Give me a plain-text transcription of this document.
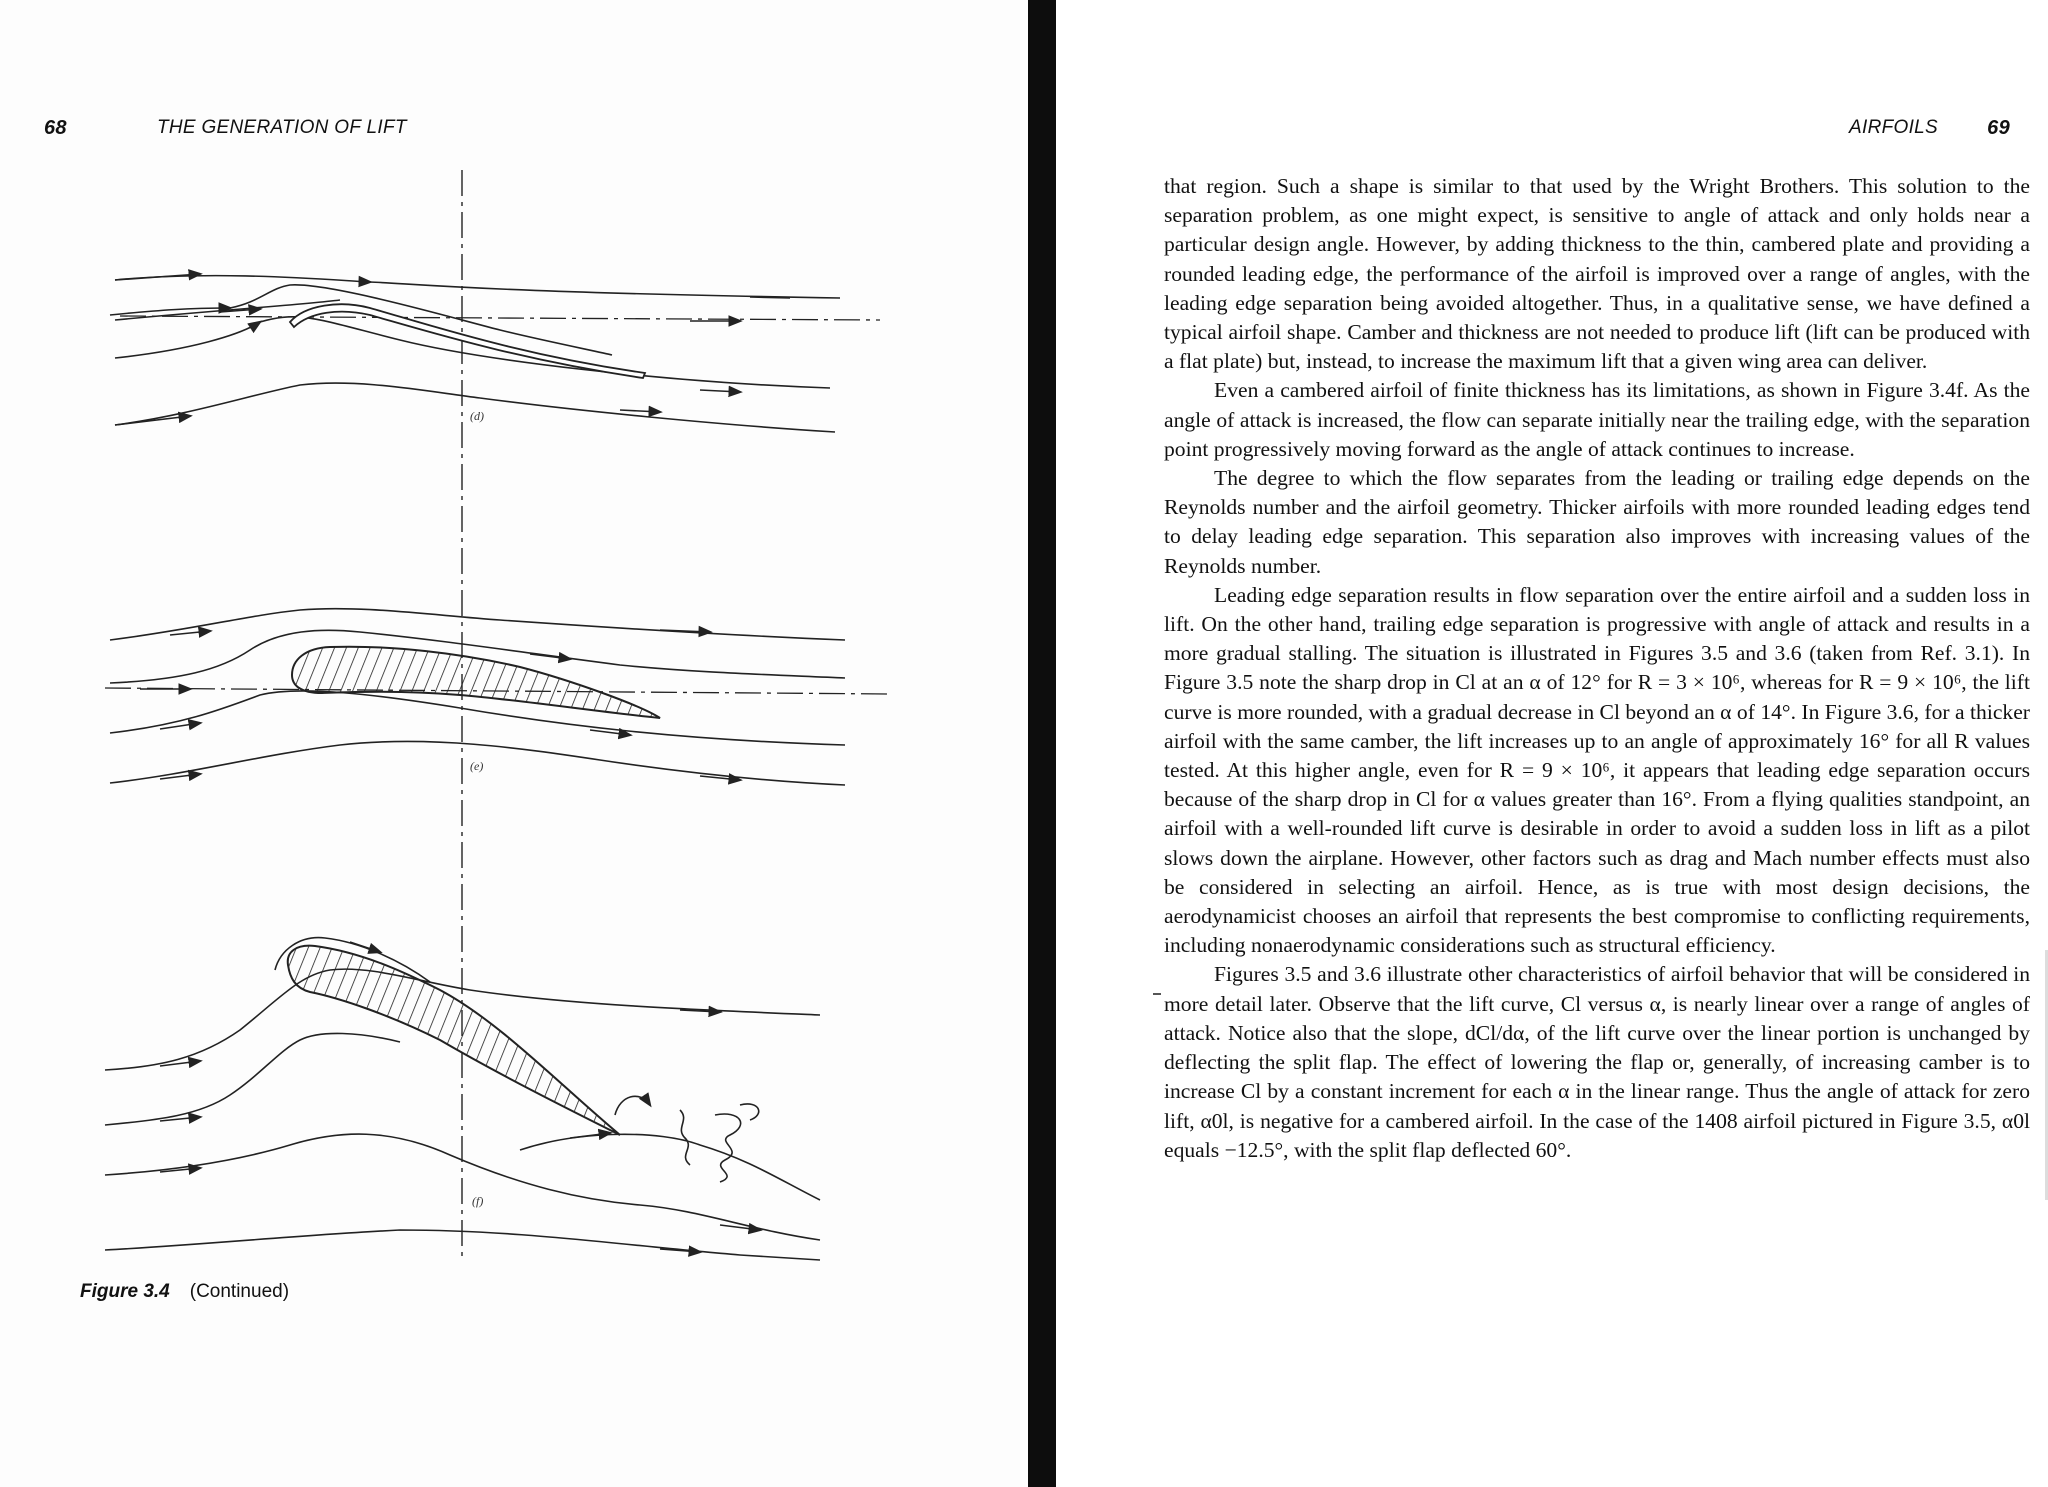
68	THE GENERATION OF LIFT
(d)
(e)
(f)
Figure 3.4 (Continued)
AIRFOILS 69

that region. Such a shape is similar to that used by the Wright Brothers. This solution to the separation problem, as one might expect, is sensitive to angle of attack and only holds near a particular design angle. However, by adding thickness to the thin, cambered plate and providing a rounded leading edge, the performance of the airfoil is improved over a range of angles, with the leading edge separation being avoided altogether. Thus, in a qualitative sense, we have defined a typical airfoil shape. Camber and thickness are not needed to produce lift (lift can be produced with a flat plate) but, instead, to increase the maximum lift that a given wing area can deliver.

Even a cambered airfoil of finite thickness has its limitations, as shown in Figure 3.4f. As the angle of attack is increased, the flow can separate initially near the trailing edge, with the separation point progressively moving forward as the angle of attack continues to increase.

The degree to which the flow separates from the leading or trailing edge depends on the Reynolds number and the airfoil geometry. Thicker airfoils with more rounded leading edges tend to delay leading edge separation. This separation also improves with increasing values of the Reynolds number.

Leading edge separation results in flow separation over the entire airfoil and a sudden loss in lift. On the other hand, trailing edge separation is progressive with angle of attack and results in a more gradual stalling. The situation is illustrated in Figures 3.5 and 3.6 (taken from Ref. 3.1). In Figure 3.5 note the sharp drop in Cl at an α of 12° for R = 3 × 10⁶, whereas for R = 9 × 10⁶, the lift curve is more rounded, with a gradual decrease in Cl beyond an α of 14°. In Figure 3.6, for a thicker airfoil with the same camber, the lift increases up to an angle of approximately 16° for all R values tested. At this higher angle, even for R = 9 × 10⁶, it appears that leading edge separation occurs because of the sharp drop in Cl for α values greater than 16°. From a flying qualities standpoint, an airfoil with a well-rounded lift curve is desirable in order to avoid a sudden loss in lift as a pilot slows down the airplane. However, other factors such as drag and Mach number effects must also be considered in selecting an airfoil. Hence, as is true with most design decisions, the aerodynamicist chooses an airfoil that represents the best compromise to conflicting requirements, including nonaerodynamic considerations such as structural efficiency.

Figures 3.5 and 3.6 illustrate other characteristics of airfoil behavior that will be considered in more detail later. Observe that the lift curve, Cl versus α, is nearly linear over a range of angles of attack. Notice also that the slope, dCl/dα, of the lift curve over the linear portion is unchanged by deflecting the split flap. The effect of lowering the flap or, generally, of increasing camber is to increase Cl by a constant increment for each α in the linear range. Thus the angle of attack for zero lift, α0l, is negative for a cambered airfoil. In the case of the 1408 airfoil pictured in Figure 3.5, α0l equals −12.5°, with the split flap deflected 60°.
